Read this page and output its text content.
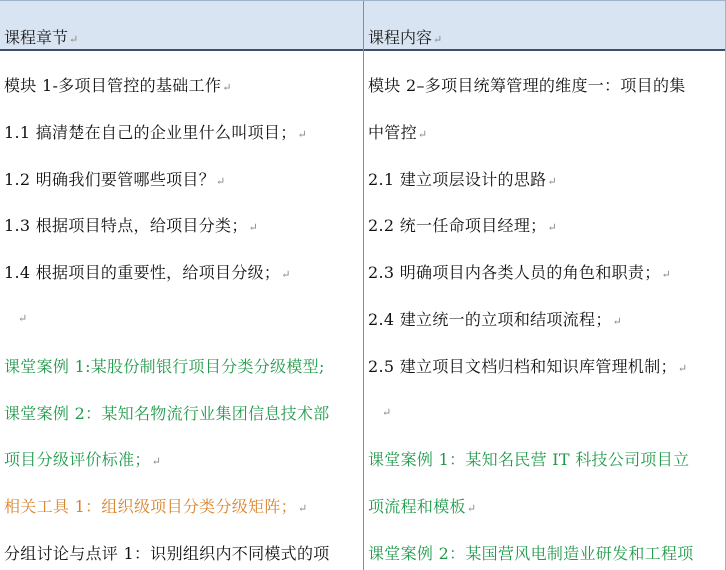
课程章节↵
模块 1-多项目管控的基础工作↵
1.1 搞清楚在自己的企业里什么叫项目；↵
1.2 明确我们要管哪些项目？↵
1.3 根据项目特点，给项目分类；↵
1.4 根据项目的重要性，给项目分级；↵
↵
课堂案例 1:某股份制银行项目分类分级模型;
课堂案例 2：某知名物流行业集团信息技术部
项目分级评价标准；↵
相关工具 1：组织级项目分类分级矩阵；↵
分组讨论与点评 1：识别组织内不同模式的项
课程内容↵
模块 2–多项目统筹管理的维度一：项目的集
中管控↵
2.1 建立项层设计的思路↵
2.2 统一任命项目经理；↵
2.3 明确项目内各类人员的角色和职责；↵
2.4 建立统一的立项和结项流程；↵
2.5 建立项目文档归档和知识库管理机制；↵
↵
课堂案例 1：某知名民营 IT 科技公司项目立
项流程和模板↵
课堂案例 2：某国营风电制造业研发和工程项
